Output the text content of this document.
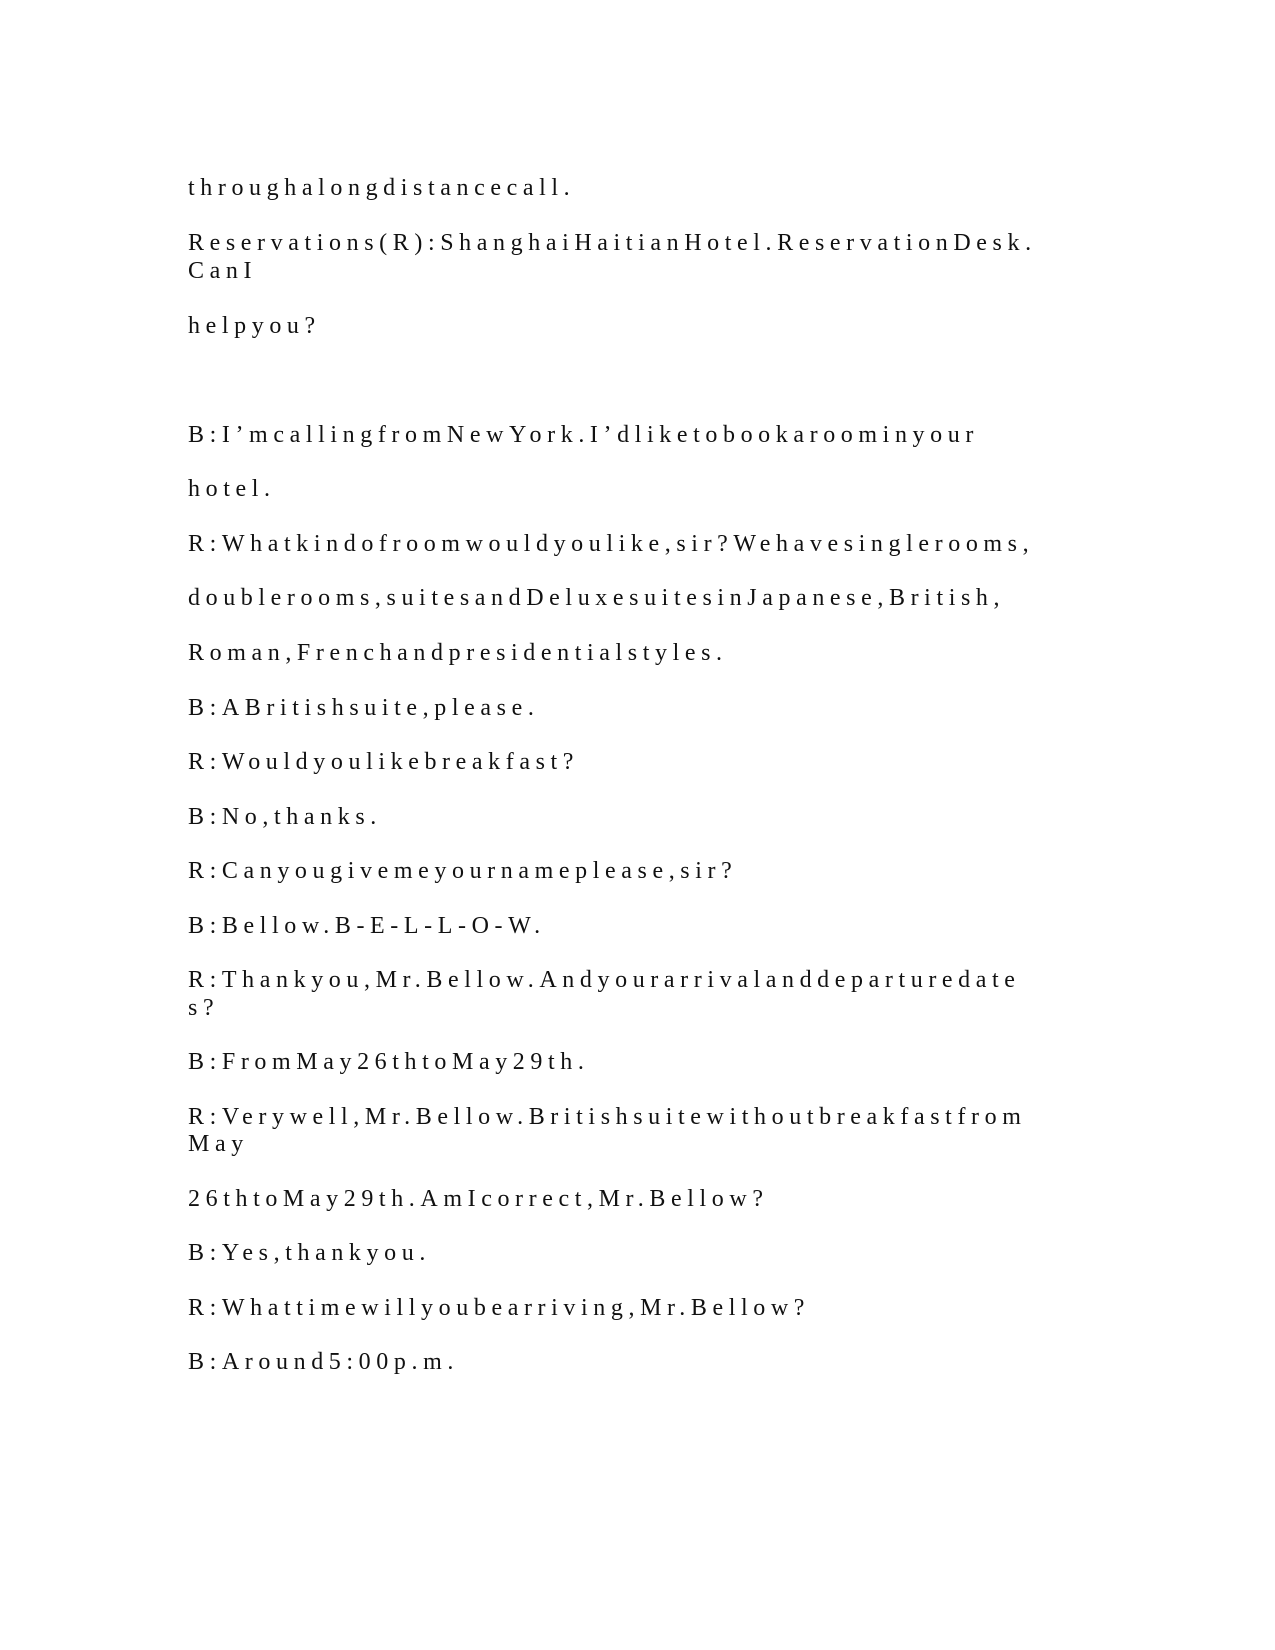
throughalongdistancecall.

Reservations(R):ShanghaiHaitianHotel.ReservationDesk.

CanI

helpyou?

B:I’mcallingfromNewYork.I’dliketobookaroominyour

hotel.

R:Whatkindofroomwouldyoulike,sir?Wehavesinglerooms,

doublerooms,suitesandDeluxesuitesinJapanese,British,

Roman,Frenchandpresidentialstyles.

B:ABritishsuite,please.

R:Wouldyoulikebreakfast?

B:No,thanks.

R:Canyougivemeyournameplease,sir?

B:Bellow.B-E-L-L-O-W.

R:Thankyou,Mr.Bellow.Andyourarrivalanddeparturedate

s?

B:FromMay26thtoMay29th.

R:Verywell,Mr.Bellow.Britishsuitewithoutbreakfastfrom

May

26thtoMay29th.AmIcorrect,Mr.Bellow?

B:Yes,thankyou.

R:Whattimewillyoubearriving,Mr.Bellow?

B:Around5:00p.m.
